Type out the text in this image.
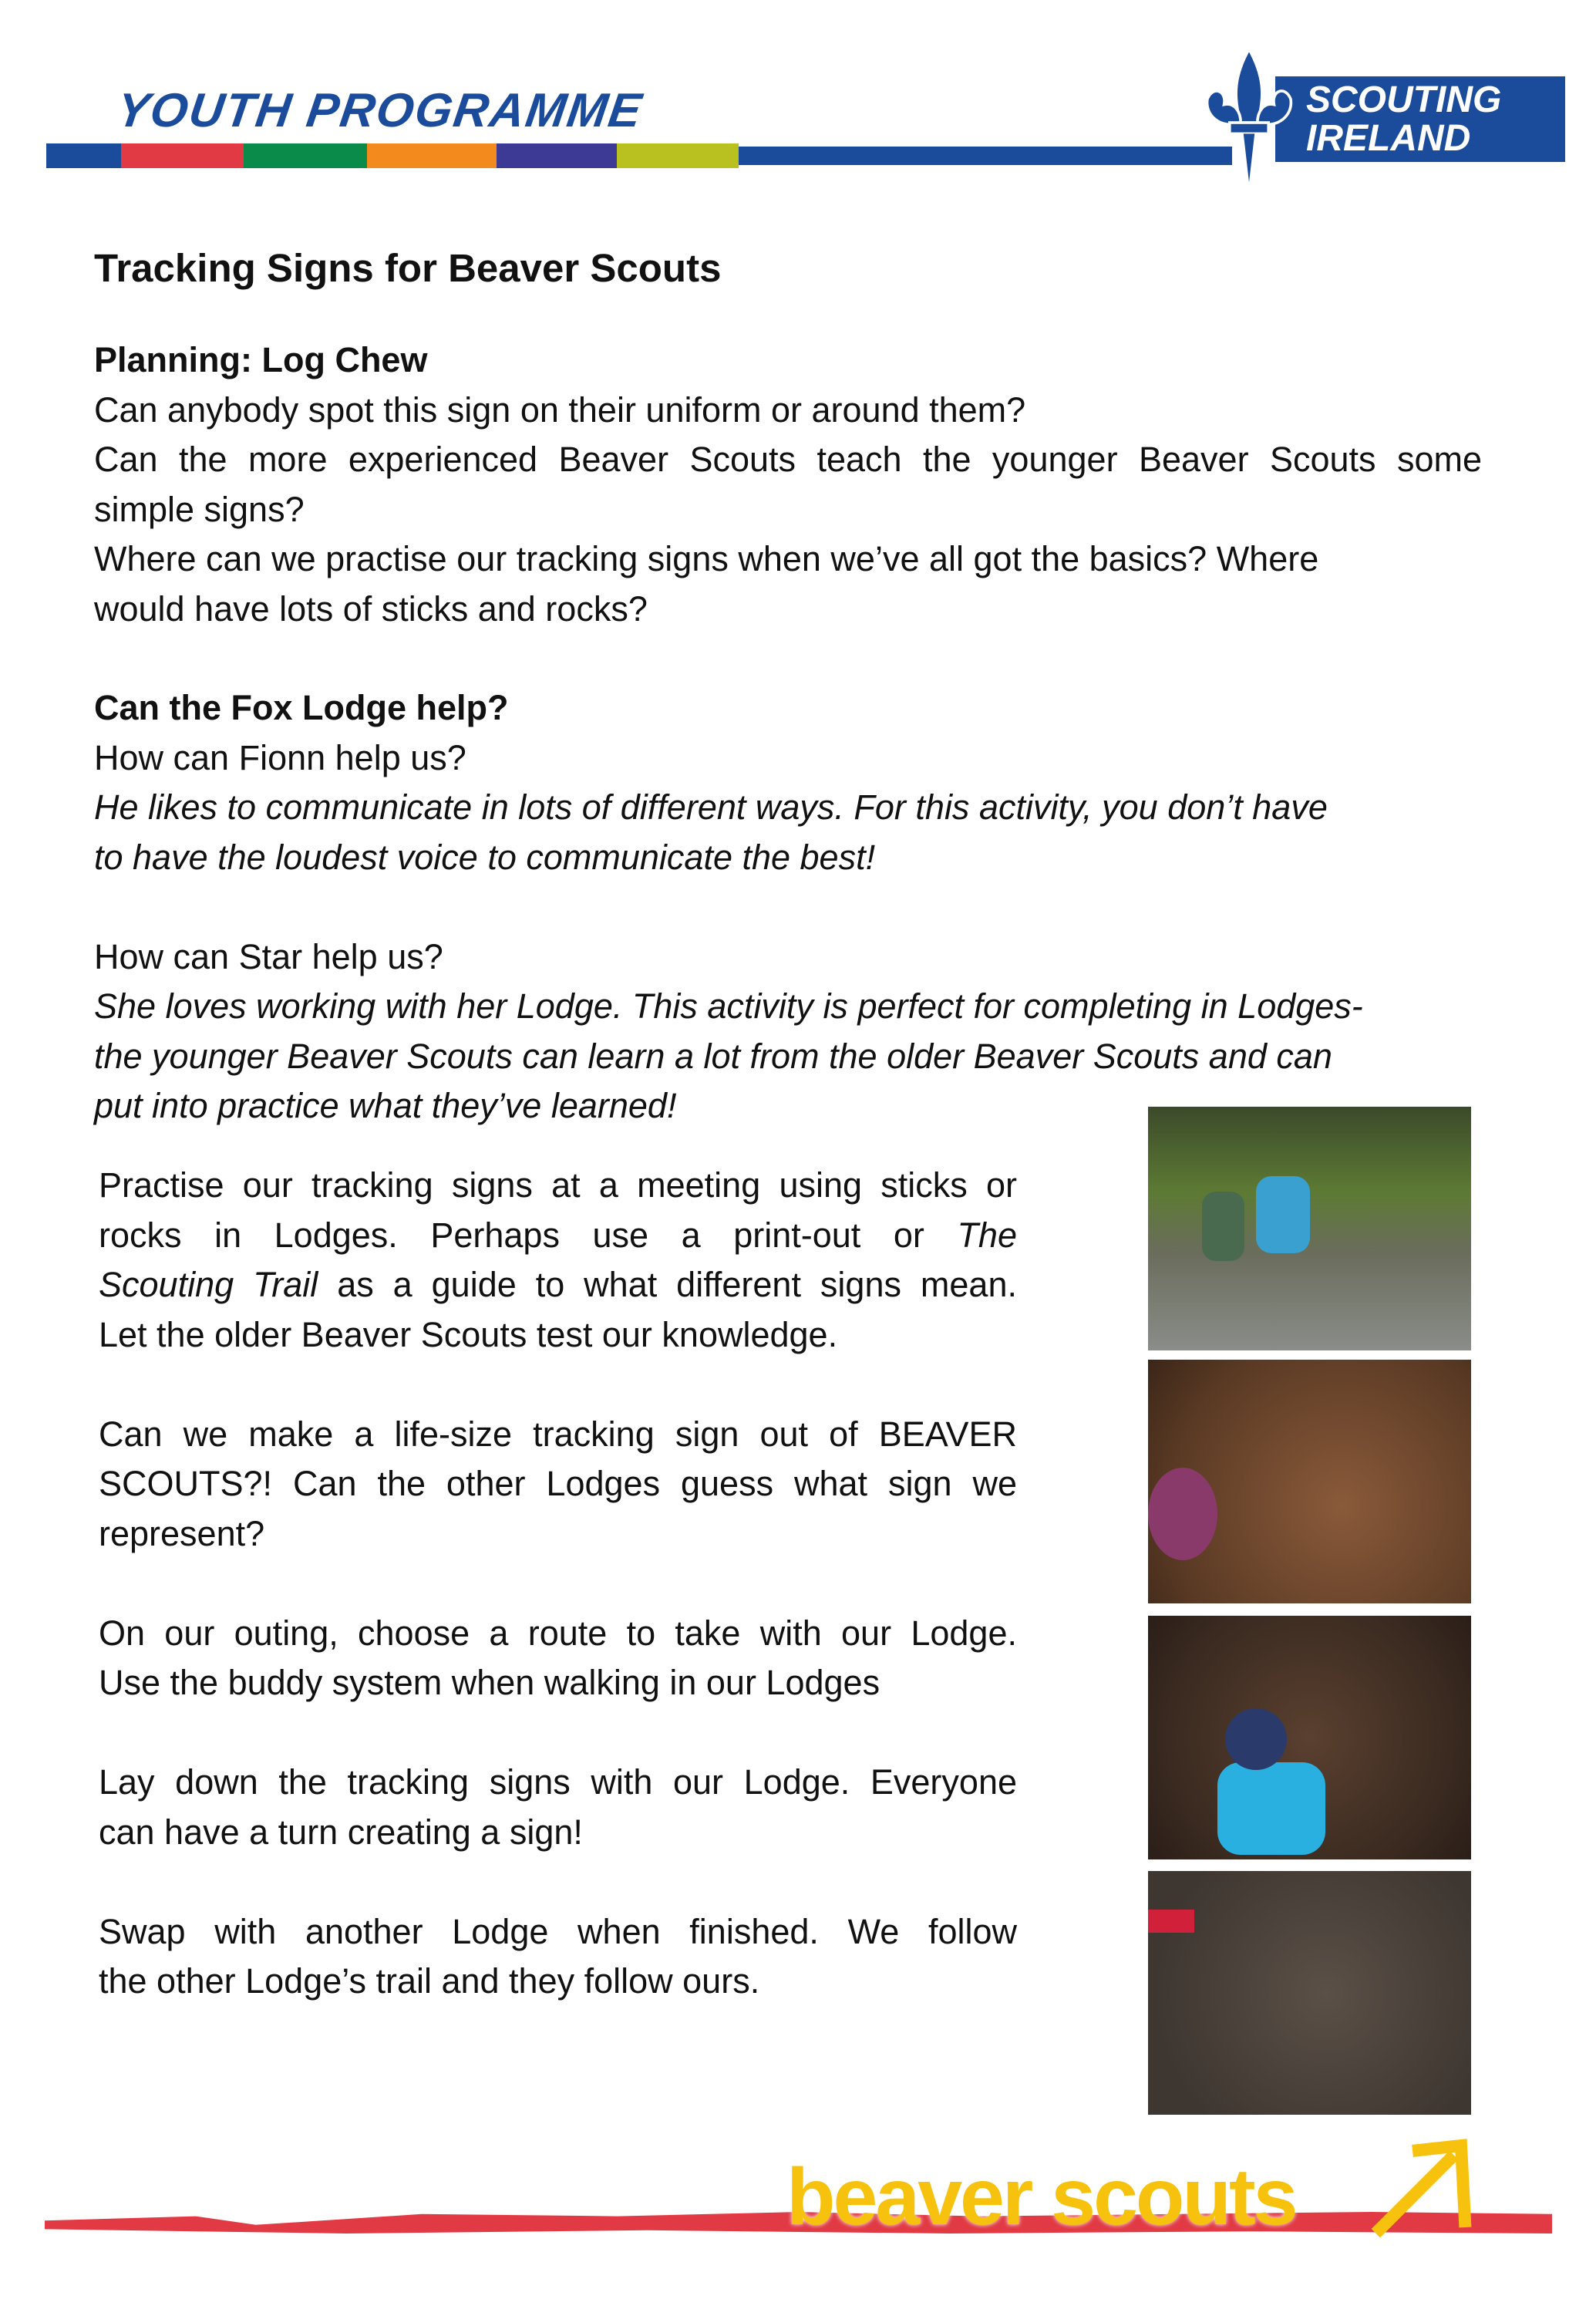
YOUTH PROGRAMME	SCOUTING
IRELAND
Tracking Signs for Beaver Scouts
Planning: Log Chew
Can anybody spot this sign on their uniform or around them?
Can the more experienced Beaver Scouts teach the younger Beaver Scouts some
simple signs?
Where can we practise our tracking signs when we’ve all got the basics? Where
would have lots of sticks and rocks?
Can the Fox Lodge help?
How can Fionn help us?
He likes to communicate in lots of different ways. For this activity, you don’t have
to have the loudest voice to communicate the best!
How can Star help us?
She loves working with her Lodge. This activity is perfect for completing in Lodges-
the younger Beaver Scouts can learn a lot from the older Beaver Scouts and can
put into practice what they’ve learned!
Practise our tracking signs at a meeting using sticks or
rocks in Lodges. Perhaps use a print-out or The
Scouting Trail as a guide to what different signs mean.
Let the older Beaver Scouts test our knowledge.
Can we make a life-size tracking sign out of BEAVER
SCOUTS?! Can the other Lodges guess what sign we
represent?
On our outing, choose a route to take with our Lodge.
Use the buddy system when walking in our Lodges
Lay down the tracking signs with our Lodge. Everyone
can have a turn creating a sign!
Swap with another Lodge when finished. We follow
the other Lodge’s trail and they follow ours.
beaver scouts
